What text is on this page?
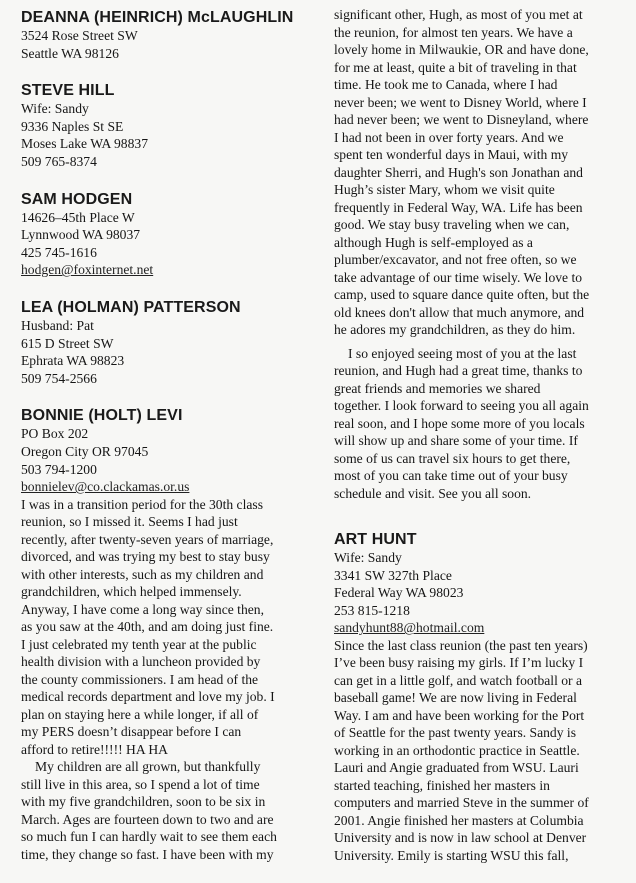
DEANNA (HEINRICH) McLAUGHLIN
3524 Rose Street SW
Seattle WA 98126
STEVE HILL
Wife: Sandy
9336 Naples St SE
Moses Lake WA 98837
509 765-8374
SAM HODGEN
14626–45th Place W
Lynnwood WA 98037
425 745-1616
hodgen@foxinternet.net
LEA (HOLMAN) PATTERSON
Husband: Pat
615 D Street SW
Ephrata WA 98823
509 754-2566
BONNIE (HOLT) LEVI
PO Box 202
Oregon City OR 97045
503 794-1200
bonnielev@co.clackamas.or.us

I was in a transition period for the 30th class
reunion, so I missed it. Seems I had just
recently, after twenty-seven years of marriage,
divorced, and was trying my best to stay busy
with other interests, such as my children and
grandchildren, which helped immensely.
Anyway, I have come a long way since then,
as you saw at the 40th, and am doing just fine.
I just celebrated my tenth year at the public
health division with a luncheon provided by
the county commissioners. I am head of the
medical records department and love my job. I
plan on staying here a while longer, if all of
my PERS doesn’t disappear before I can
afford to retire!!!!! HA HA

My children are all grown, but thankfully
still live in this area, so I spend a lot of time
with my five grandchildren, soon to be six in
March. Ages are fourteen down to two and are
so much fun I can hardly wait to see them each
time, they change so fast. I have been with my

significant other, Hugh, as most of you met at
the reunion, for almost ten years. We have a
lovely home in Milwaukie, OR and have done,
for me at least, quite a bit of traveling in that
time. He took me to Canada, where I had
never been; we went to Disney World, where I
had never been; we went to Disneyland, where
I had not been in over forty years. And we
spent ten wonderful days in Maui, with my
daughter Sherri, and Hugh's son Jonathan and
Hugh’s sister Mary, whom we visit quite
frequently in Federal Way, WA. Life has been
good. We stay busy traveling when we can,
although Hugh is self-employed as a
plumber/excavator, and not free often, so we
take advantage of our time wisely. We love to
camp, used to square dance quite often, but the
old knees don't allow that much anymore, and
he adores my grandchildren, as they do him.

I so enjoyed seeing most of you at the last
reunion, and Hugh had a great time, thanks to
great friends and memories we shared
together. I look forward to seeing you all again
real soon, and I hope some more of you locals
will show up and share some of your time. If
some of us can travel six hours to get there,
most of you can take time out of your busy
schedule and visit. See you all soon.

ART HUNT
Wife: Sandy
3341 SW 327th Place
Federal Way WA 98023
253 815-1218
sandyhunt88@hotmail.com

Since the last class reunion (the past ten years)
I’ve been busy raising my girls. If I’m lucky I
can get in a little golf, and watch football or a
baseball game! We are now living in Federal
Way. I am and have been working for the Port
of Seattle for the past twenty years. Sandy is
working in an orthodontic practice in Seattle.
Lauri and Angie graduated from WSU. Lauri
started teaching, finished her masters in
computers and married Steve in the summer of
2001. Angie finished her masters at Columbia
University and is now in law school at Denver
University. Emily is starting WSU this fall,
